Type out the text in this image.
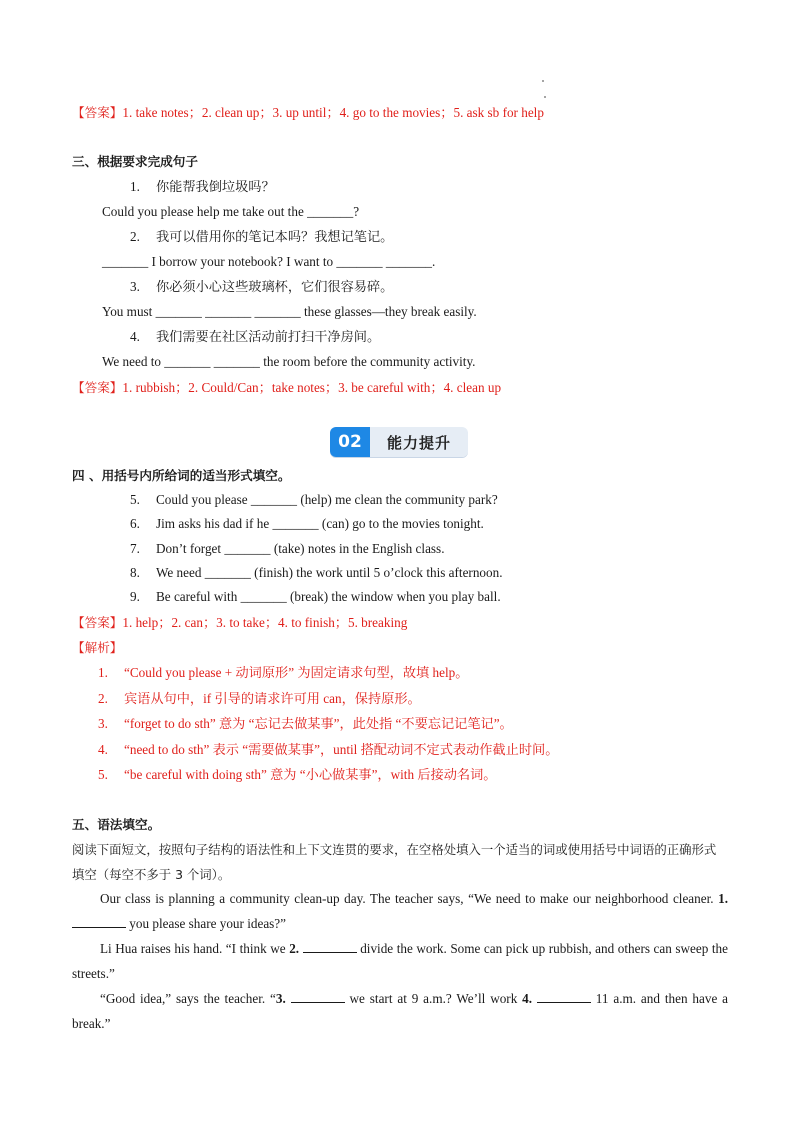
【答案】1. take notes；2. clean up；3. up until；4. go to the movies；5. ask sb for help
三、根据要求完成句子
1. 你能帮我倒垃圾吗？
Could you please help me take out the _______?
2. 我可以借用你的笔记本吗？我想记笔记。
_______ I borrow your notebook? I want to _______ _______.
3. 你必须小心这些玻璃杯，它们很容易碎。
You must _______ _______ _______ these glasses—they break easily.
4. 我们需要在社区活动前打扫干净房间。
We need to _______ _______ the room before the community activity.
【答案】1. rubbish；2. Could/Can；take notes；3. be careful with；4. clean up
02	能力提升
四 、用括号内所给词的适当形式填空。
5. Could you please _______ (help) me clean the community park?
6. Jim asks his dad if he _______ (can) go to the movies tonight.
7. Don’t forget _______ (take) notes in the English class.
8. We need _______ (finish) the work until 5 o’clock this afternoon.
9. Be careful with _______ (break) the window when you play ball.
【答案】1. help；2. can；3. to take；4. to finish；5. breaking
【解析】
1. “Could you please + 动词原形” 为固定请求句型，故填 help。
2. 宾语从句中，if 引导的请求许可用 can，保持原形。
3. “forget to do sth” 意为 “忘记去做某事”，此处指 “不要忘记记笔记”。
4. “need to do sth” 表示 “需要做某事”，until 搭配动词不定式表动作截止时间。
5. “be careful with doing sth” 意为 “小心做某事”，with 后接动名词。
五、语法填空。
阅读下面短文，按照句子结构的语法性和上下文连贯的要求，在空格处填入一个适当的词或使用括号中词语的正确形式填空（每空不多于 3 个词）。

Our class is planning a community clean-up day. The teacher says, “We need to make our neighborhood cleaner. 1.  you please share your ideas?”

Li Hua raises his hand. “I think we 2.	divide the work. Some can pick up rubbish, and others can sweep the streets.”

“Good idea,” says the teacher. “3.	we start at 9 a.m.? We’ll work 4.	11 a.m. and then have a break.”
